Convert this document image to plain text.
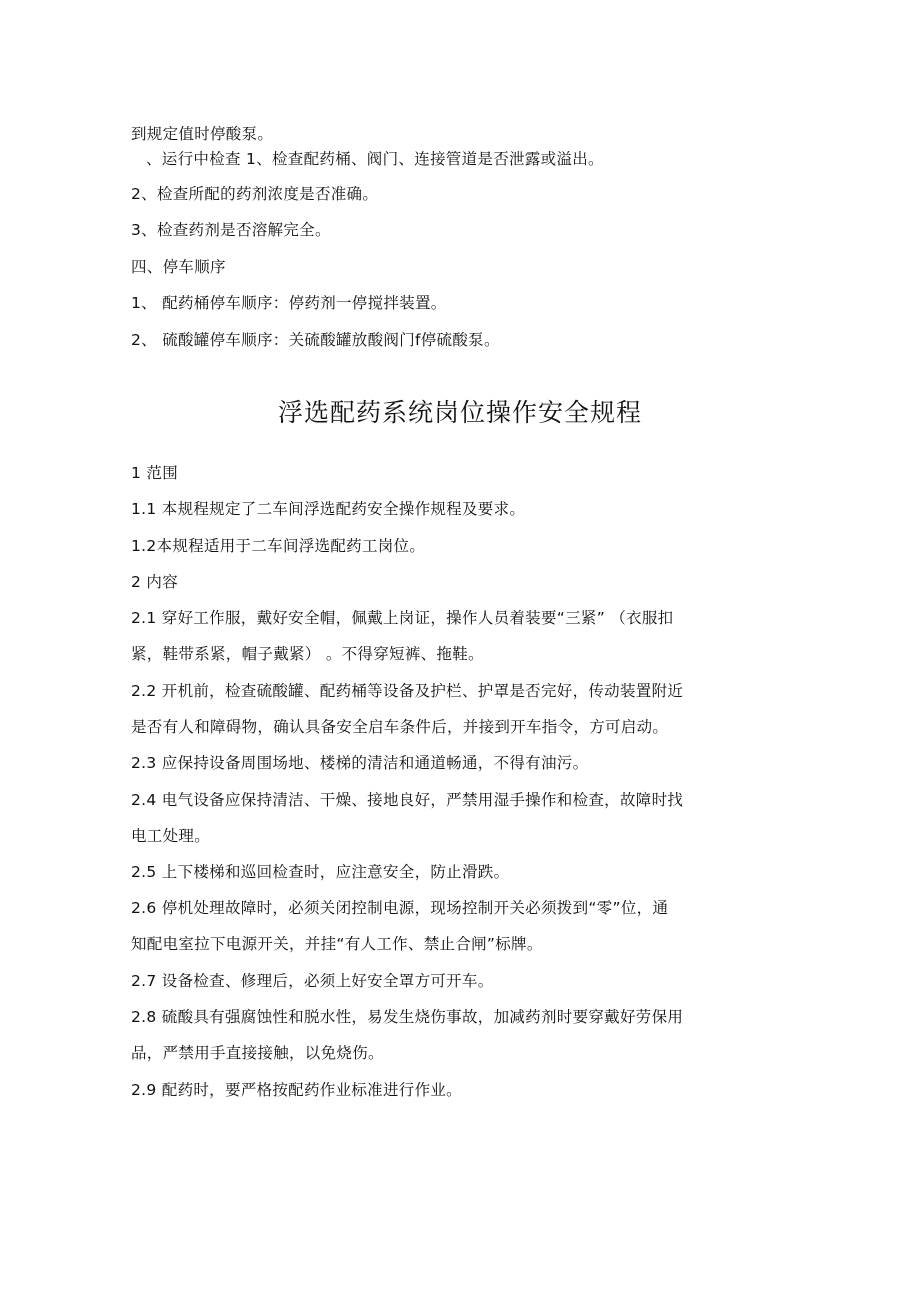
到规定值时停酸泵。
、运行中检查 1、检查配药桶、阀门、连接管道是否泄露或溢出。
2、检查所配的药剂浓度是否准确。
3、检查药剂是否溶解完全。
四、停车顺序
1、 配药桶停车顺序：停药剂一停搅拌装置。
2、 硫酸罐停车顺序：关硫酸罐放酸阀门f停硫酸泵。
浮选配药系统岗位操作安全规程
1 范围
1.1 本规程规定了二车间浮选配药安全操作规程及要求。
1.2本规程适用于二车间浮选配药工岗位。
2 内容
2.1 穿好工作服，戴好安全帽，佩戴上岗证，操作人员着装要“三紧” （衣服扣
紧，鞋带系紧，帽子戴紧） 。不得穿短裤、拖鞋。
2.2 开机前，检查硫酸罐、配药桶等设备及护栏、护罩是否完好，传动装置附近
是否有人和障碍物，确认具备安全启车条件后，并接到开车指令，方可启动。
2.3 应保持设备周围场地、楼梯的清洁和通道畅通，不得有油污。
2.4 电气设备应保持清洁、干燥、接地良好，严禁用湿手操作和检查，故障时找
电工处理。
2.5 上下楼梯和巡回检查时，应注意安全，防止滑跌。
2.6 停机处理故障时，必须关闭控制电源，现场控制开关必须拨到“零”位，通
知配电室拉下电源开关，并挂“有人工作、禁止合闸”标牌。
2.7 设备检查、修理后，必须上好安全罩方可开车。
2.8 硫酸具有强腐蚀性和脱水性，易发生烧伤事故，加减药剂时要穿戴好劳保用
品，严禁用手直接接触，以免烧伤。
2.9 配药时，要严格按配药作业标准进行作业。
